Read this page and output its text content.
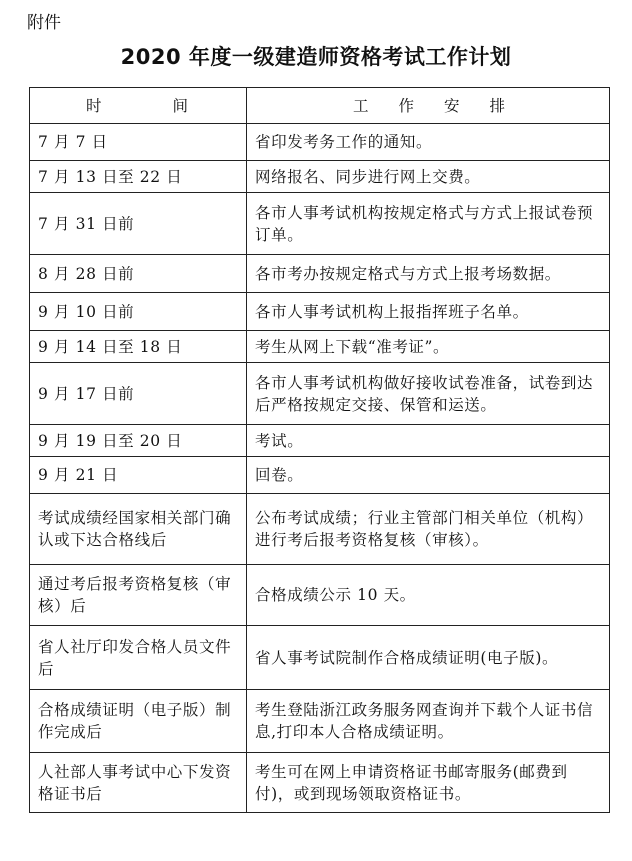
附件
2020 年度一级建造师资格考试工作计划
时 间	工 作 安 排

7 月 7 日	省印发考务工作的通知。
7 月 13 日至 22 日	网络报名、同步进行网上交费。
7 月 31 日前	各市人事考试机构按规定格式与方式上报试卷预订单。
8 月 28 日前	各市考办按规定格式与方式上报考场数据。
9 月 10 日前	各市人事考试机构上报指挥班子名单。
9 月 14 日至 18 日	考生从网上下载“准考证”。
9 月 17 日前	各市人事考试机构做好接收试卷准备，试卷到达后严格按规定交接、保管和运送。
9 月 19 日至 20 日	考试。
9 月 21 日	回卷。
考试成绩经国家相关部门确认或下达合格线后	公布考试成绩；行业主管部门相关单位（机构）进行考后报考资格复核（审核）。
通过考后报考资格复核（审核）后	合格成绩公示 10 天。
省人社厅印发合格人员文件后	省人事考试院制作合格成绩证明(电子版)。
合格成绩证明（电子版）制作完成后	考生登陆浙江政务服务网查询并下载个人证书信息,打印本人合格成绩证明。
人社部人事考试中心下发资格证书后	考生可在网上申请资格证书邮寄服务(邮费到付)，或到现场领取资格证书。
